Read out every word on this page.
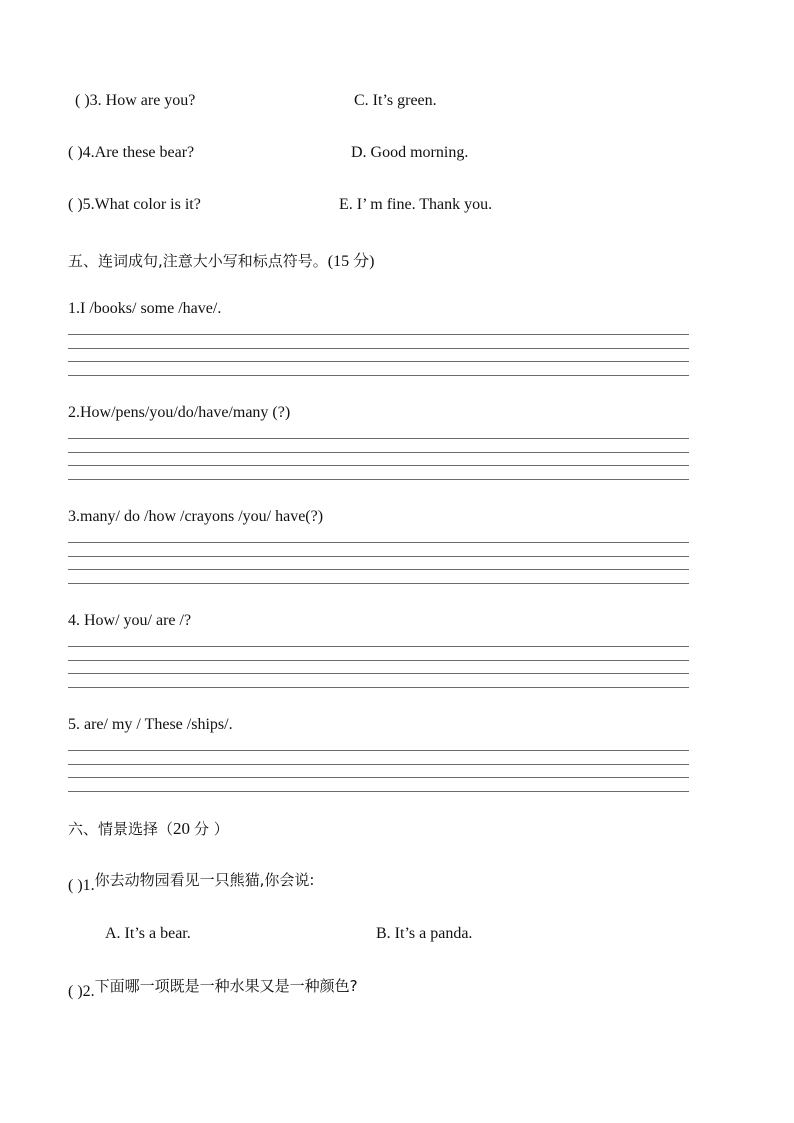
( )3. How are you?	C. It’s green.
( )4.Are these bear?	D. Good morning.
( )5.What color is it?	E. I’ m fine. Thank you.
五、连词成句,注意大小写和标点符号。(15 分)
1.I /books/ some /have/.
2.How/pens/you/do/have/many (?)
3.many/ do /how /crayons /you/ have(?)
4. How/ you/ are /?
5. are/ my / These /ships/.
六、情景选择（20 分 ）
( )1.你去动物园看见一只熊猫,你会说:
A. It’s a bear.	B. It’s a panda.
( )2.下面哪一项既是一种水果又是一种颜色?
